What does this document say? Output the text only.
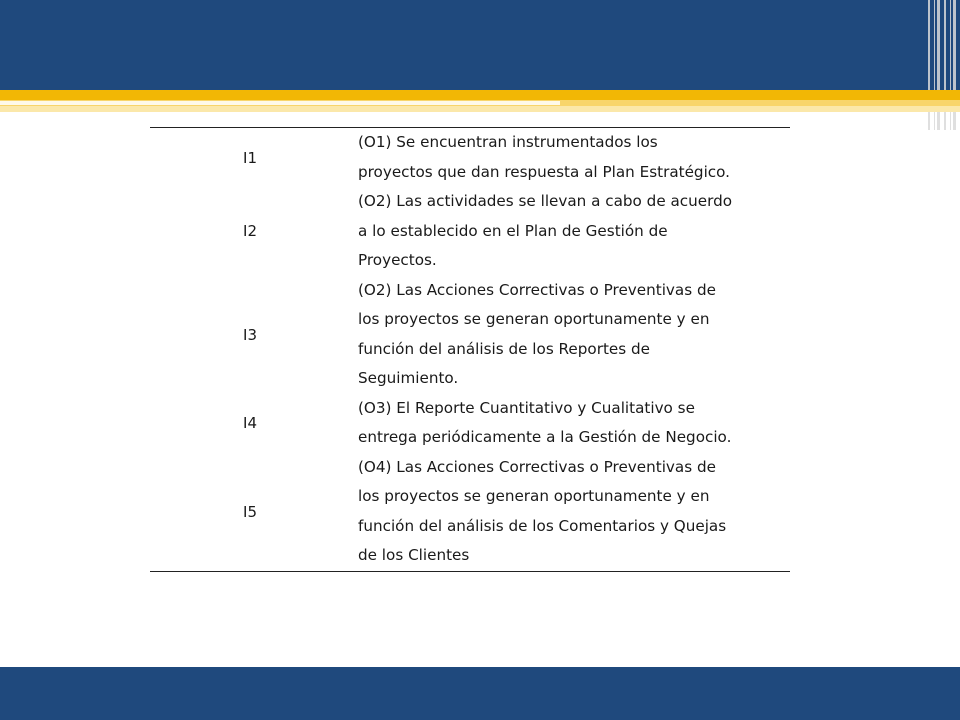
I1
(O1) Se encuentran instrumentados los
proyectos que dan respuesta al Plan Estratégico.
I2
(O2) Las actividades se llevan a cabo de acuerdo
a lo establecido en el Plan de Gestión de
Proyectos.
I3
(O2) Las Acciones Correctivas o Preventivas de
los proyectos se generan oportunamente y en
función del análisis de los Reportes de
Seguimiento.
I4
(O3) El Reporte Cuantitativo y Cualitativo se
entrega periódicamente a la Gestión de Negocio.
I5
(O4) Las Acciones Correctivas o Preventivas de
los proyectos se generan oportunamente y en
función del análisis de los Comentarios y Quejas
de los Clientes
